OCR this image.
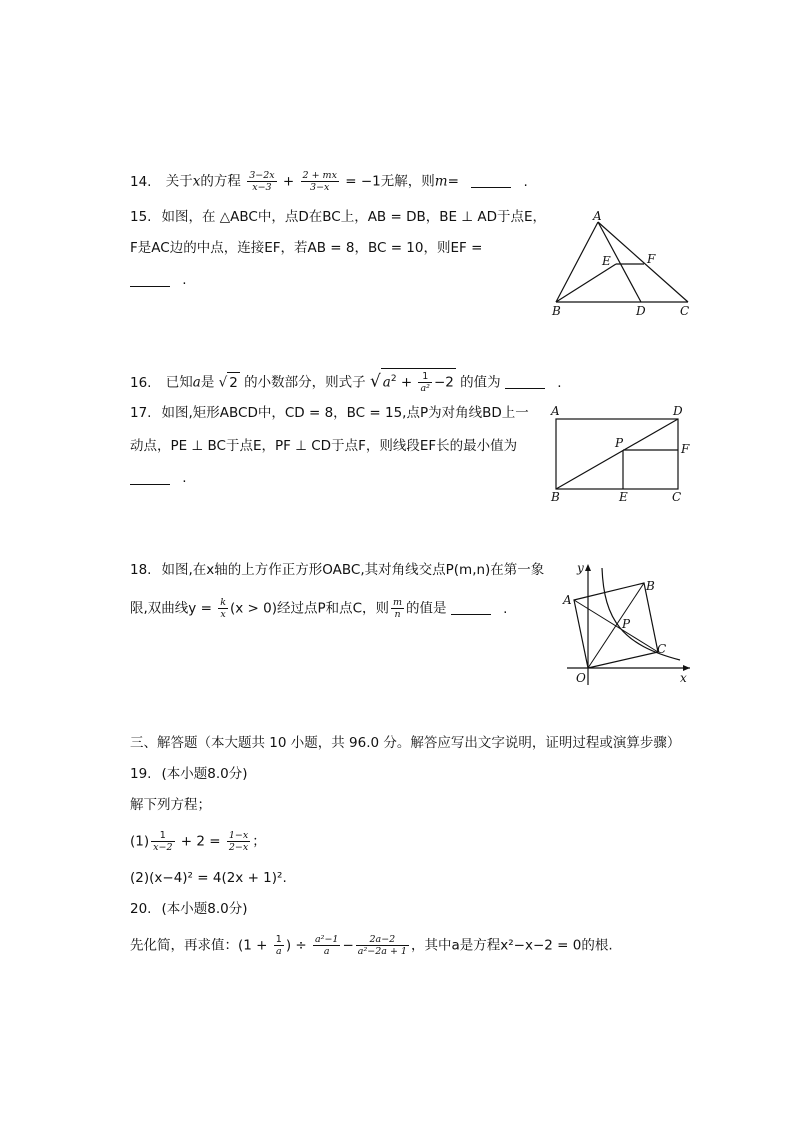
14. 关于x的方程 $\frac{3-2x}{x-3} + \frac{2 + mx}{3-x} = -1$无解，则m=	.
15. 如图，在 △ABC中，点D在BC上，AB = DB，BE ⊥ AD于点E，
F是AC边的中点，连接EF，若AB = 8，BC = 10，则EF =
.
A
B	C
D
E	F
16. 已知a是 √ 2 的小数部分，则式子 √ $a^2 + \frac{1}{\text{a²}} -2$ 的值为	.
17. 如图,矩形ABCD中，CD = 8，BC = 15,点P为对角线BD上一
动点，PE ⊥ BC于点E，PF ⊥ CD于点F，则线段EF长的最小值为
.
A	D
B	C
E
F
P
18. 如图,在x轴的上方作正方形OABC,其对角线交点P(m,n)在第一象
限,双曲线$y = \frac{k}{x} (x > 0)$经过点P和点C，则 $\frac{m}{n}$ 的值是	.
y
x
O
A
B
C
P
三、解答题（本大题共 10 小题，共 96.0 分。解答应写出文字说明，证明过程或演算步骤）
19. (本小题8.0分)
解下列方程；
$(1) \frac{1}{x-2} + 2 = \frac{1-x}{2-x}$ ；
(2)(x−4)² = 4(2x + 1)².
20. (本小题8.0分)
先化简，再求值：($1 + \frac{1}{a}$ ) ÷ $\frac{\text{a²−1}}{a} - \frac{2a-2}{\text{a²−2a + 1}}$ ，其中a是方程x²−x−2 = 0的根.
